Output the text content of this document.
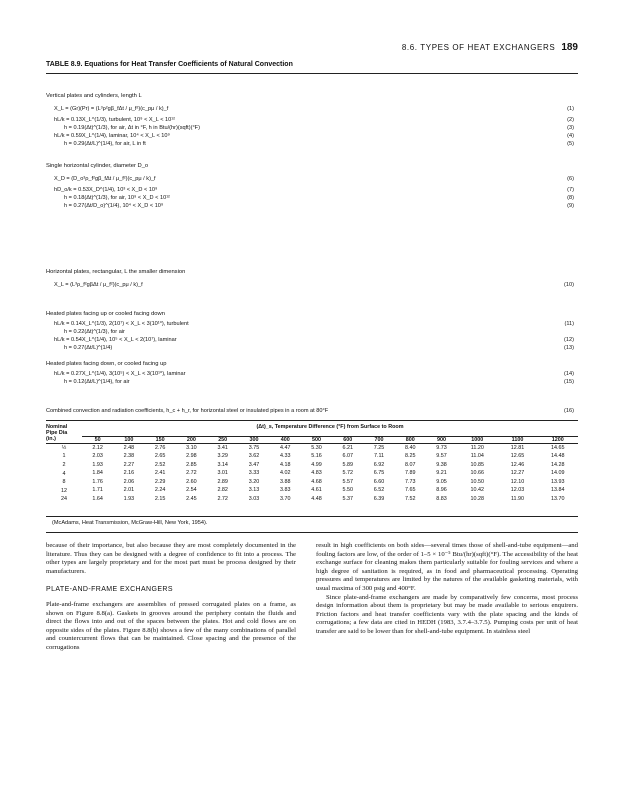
8.6. TYPES OF HEAT EXCHANGERS 189
TABLE 8.9. Equations for Heat Transfer Coefficients of Natural Convection
Vertical plates and cylinders, length L
X_L = (Gr)(Pr) = (L³ρ²gβ_fΔt / μ_f²)(c_pμ / k)_f	(1)
hL/k = 0.13X_L^(1/3), turbulent, 10⁹ < X_L < 10¹²	(2)
h = 0.19(Δt)^(1/3), for air, Δt in °F, h in Btu/(hr)(sqft)(°F)	(3)
hL/k = 0.59X_L^(1/4), laminar, 10⁴ < X_L < 10⁹	(4)
h = 0.29(Δt/L)^(1/4), for air, L in ft	(5)
Single horizontal cylinder, diameter D_o
X_D = (D_o³ρ_f²gβ_fΔt / μ_f²)(c_pμ / k)_f	(6)
hD_o/k = 0.53X_D^(1/4), 10³ < X_D < 10⁹	(7)
h = 0.18(Δt)^(1/3), for air, 10⁹ < X_D < 10¹²	(8)
h = 0.27(Δt/D_o)^(1/4), 10⁴ < X_D < 10⁹	(9)
Horizontal plates, rectangular, L the smaller dimension
X_L = (L³ρ_f²gβΔt / μ_f²)(c_pμ / k)_f	(10)
Heated plates facing up or cooled facing down
hL/k = 0.14X_L^(1/3), 2(10⁷) < X_L < 3(10¹⁰), turbulent	(11)
h = 0.22(Δt)^(1/3), for air
hL/k = 0.54X_L^(1/4), 10⁵ < X_L < 2(10⁷), laminar	(12)
h = 0.27(Δt/L)^(1/4)	(13)
Heated plates facing down, or cooled facing up
hL/k = 0.27X_L^(1/4), 3(10⁵) < X_L < 3(10¹⁰), laminar	(14)
h = 0.12(Δt/L)^(1/4), for air	(15)
Combined convection and radiation coefficients, h_c + h_r, for horizontal steel or insulated pipes in a room at 80°F	(16)
Nominal	(Δt)_s, Temperature Difference (°F) from Surface to Room														
Pipe Dia															
(in.)	50	100	150	200	250	300	400	500	600	700	800	900	1000	1100	1200
½	2.12	2.48	2.76	3.10	3.41	3.75	4.47	5.30	6.21	7.25	8.40	9.73	11.20	12.81	14.65
1	2.03	2.38	2.65	2.98	3.29	3.62	4.33	5.16	6.07	7.11	8.25	9.57	11.04	12.65	14.48
2	1.93	2.27	2.52	2.85	3.14	3.47	4.18	4.99	5.89	6.92	8.07	9.38	10.85	12.46	14.28
4	1.84	2.16	2.41	2.72	3.01	3.33	4.02	4.83	5.72	6.75	7.89	9.21	10.66	12.27	14.09
8	1.76	2.06	2.29	2.60	2.89	3.20	3.88	4.68	5.57	6.60	7.73	9.05	10.50	12.10	13.93
12	1.71	2.01	2.24	2.54	2.82	3.13	3.83	4.61	5.50	6.52	7.65	8.96	10.42	12.03	13.84
24	1.64	1.93	2.15	2.45	2.72	3.03	3.70	4.48	5.37	6.39	7.52	8.83	10.28	11.90	13.70
(McAdams, Heat Transmission, McGraw-Hill, New York, 1954).

because of their importance, but also because they are most completely documented in the literature. Thus they can be designed with a degree of confidence to fit into a process. The other types are largely proprietary and for the most part must be process designed by their manufacturers.

PLATE-AND-FRAME EXCHANGERS

Plate-and-frame exchangers are assemblies of pressed corrugated plates on a frame, as shown on Figure 8.8(a). Gaskets in grooves around the periphery contain the fluids and direct the flows into and out of the spaces between the plates. Hot and cold flows are on opposite sides of the plates. Figure 8.8(b) shows a few of the many combinations of parallel and countercurrent flows that can be maintained. Close spacing and the presence of the corrugations

result in high coefficients on both sides—several times those of shell-and-tube equipment—and fouling factors are low, of the order of 1–5 × 10⁻⁵ Btu/(hr)(sqft)(°F). The accessibility of the heat exchange surface for cleaning makes them particularly suitable for fouling services and where a high degree of sanitation is required, as in food and pharmaceutical processing. Operating pressures and temperatures are limited by the natures of the available gasketing materials, with usual maxima of 300 psig and 400°F.

Since plate-and-frame exchangers are made by comparatively few concerns, most process design information about them is proprietary but may be made available to serious enquirers. Friction factors and heat transfer coefficients vary with the plate spacing and the kinds of corrugations; a few data are cited in HEDH (1983, 3.7.4–3.7.5). Pumping costs per unit of heat transfer are said to be lower than for shell-and-tube equipment. In stainless steel
